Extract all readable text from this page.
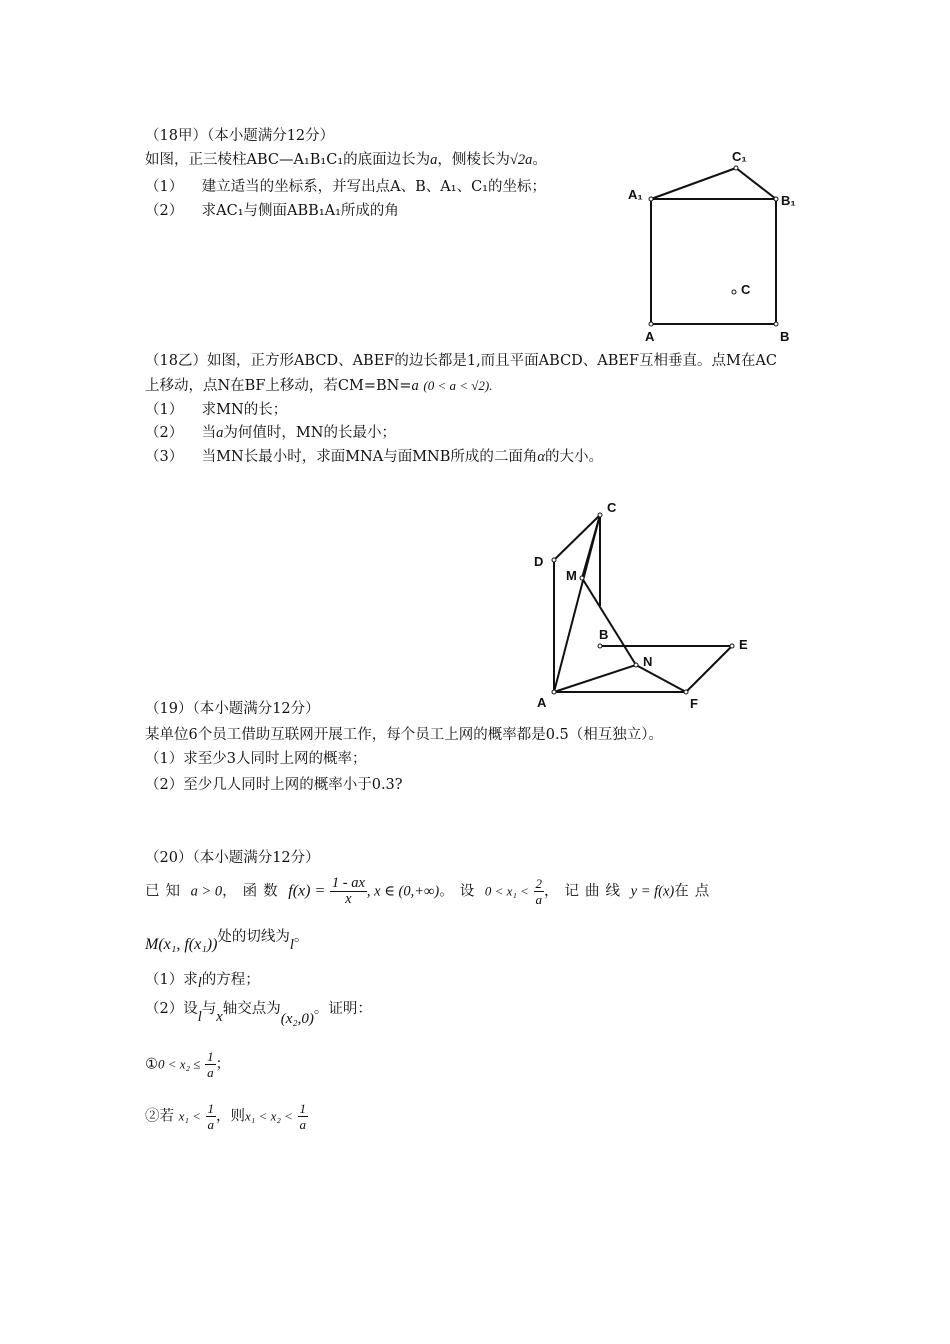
（18甲）（本小题满分12分）
如图，正三棱柱ABC—A₁B₁C₁的底面边长为a，侧棱长为√2a。
（1） 建立适当的坐标系，并写出点A、B、A₁、C₁的坐标；
（2） 求AC₁与侧面ABB₁A₁所成的角
C₁
A₁	B₁
C
A	B
（18乙）如图，正方形ABCD、ABEF的边长都是1,而且平面ABCD、ABEF互相垂直。点M在AC
上移动，点N在BF上移动，若CM=BN=a (0 < a < √2).
（1） 求MN的长；
（2） 当a为何值时，MN的长最小；
（3） 当MN长最小时，求面MNA与面MNB所成的二面角α的大小。
C
D
M
B
E
N
A	F
（19）（本小题满分12分）
某单位6个员工借助互联网开展工作，每个员工上网的概率都是0.5（相互独立）。
（1）求至少3人同时上网的概率；
（2）至少几人同时上网的概率小于0.3?
（20）（本小题满分12分）
已知 a > 0，函数 $f(x) = \frac{1 - ax}{x}$ , x ∈ (0,+∞)。设 $0 < x_1 < \frac{2}{a}$ ，记曲线 y = f(x)在点
M(x₁, f(x₁))处的切线为l。
（1）求l的方程；
（2）设l与x轴交点为(x₂,0)。证明：
①0 < $x_2 \le \frac{1}{a}$ ；
②若 $x_1 < \frac{1}{a}$ ，则$x_1 < x_2 < \frac{1}{a}$
